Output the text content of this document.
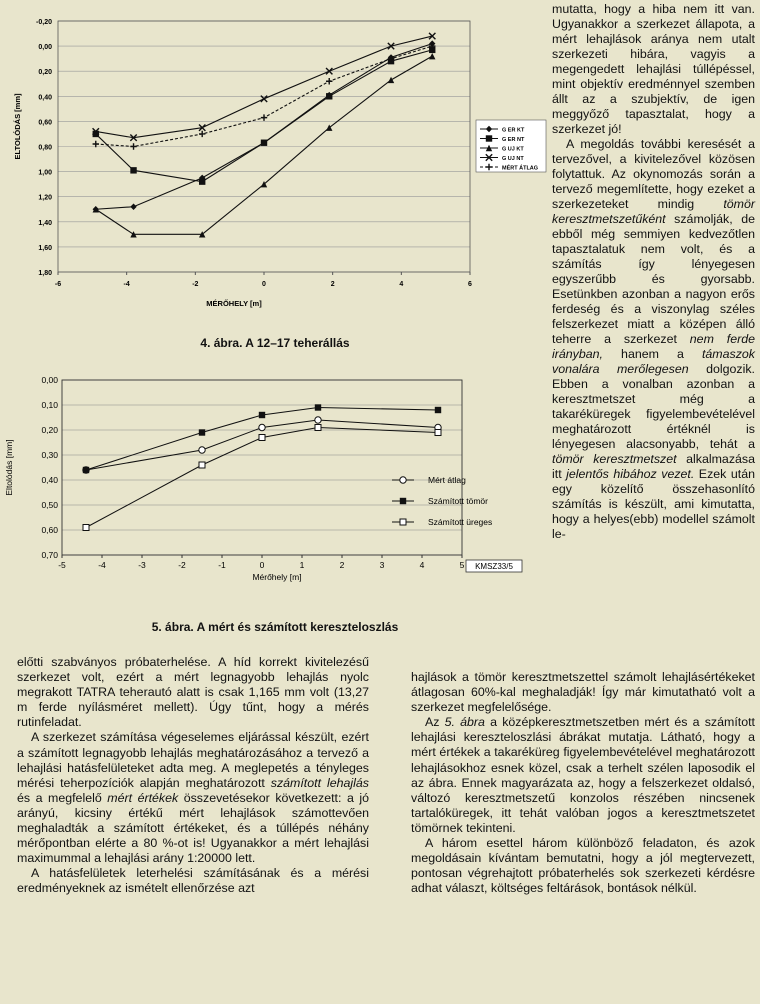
-0,20
0,00
0,20
0,40
0,60
0,80
1,00
1,20
1,40
1,60
1,80
-6	-4	-2	0	2	4	6
MÉRŐHELY [m]
ELTOLÓDÁS [mm]	G ER KT
G ER NT
G UJ KT
G UJ NT
MÉRT ÁTLAG
4. ábra. A 12–17 teherállás
0,00
0,10
0,20
0,30
0,40
0,50
0,60
0,70
-5	-4	-3	-2	-1	0	1	2	3	4	5
Mérőhely [m]
Eltolódás [mm]	Mért átlag
Számított tömör
Számított üreges
KMSZ33/5
5. ábra. A mért és számított kereszteloszlás

mutatta, hogy a hiba nem itt van. Ugyanakkor a szerkezet állapota, a mért lehajlások aránya nem utalt szerkezeti hibára, vagyis a megengedett lehajlási túllépéssel, mint objektív eredménnyel szemben állt az a szubjektív, de igen meggyőző tapasztalat, hogy a szerkezet jó!

A megoldás további keresését a tervezővel, a kivitelezővel közösen folytattuk. Az okynomozás során a tervező megemlítette, hogy ezeket a szerkezeteket mindig tömör keresztmetszetűként számolják, de ebből még semmiyen kedvezőtlen tapasztalatuk nem volt, és a számítás így lényegesen egyszerűbb és gyorsabb. Esetünkben azonban a nagyon erős ferdeség és a viszonylag széles felszerkezet miatt a középen álló teherre a szerkezet nem ferde irányban, hanem a támaszok vonalára merőlegesen dolgozik. Ebben a vonalban azonban a keresztmetszet még a takaréküregek figyelembevételével meghatározott értéknél is lényegesen alacsonyabb, tehát a tömör keresztmetszet alkalmazása itt jelentős hibához vezet. Ezek után egy közelítő összehasonlító számítás is készült, ami kimutatta, hogy a helyes(ebb) modellel számolt le-

előtti szabványos próbaterhelése. A híd korrekt kivitelezésű szerkezet volt, ezért a mért legnagyobb lehajlás nyolc megrakott TATRA teherautó alatt is csak 1,165 mm volt (13,27 m ferde nyílásméret mellett). Úgy tűnt, hogy a mérés rutinfeladat.

A szerkezet számítása végeselemes eljárással készült, ezért a számított legnagyobb lehajlás meghatározásához a tervező a lehajlási hatásfelületeket adta meg. A meglepetés a tényleges mérési teherpozíciók alapján meghatározott számított lehajlás és a megfelelő mért értékek összevetésekor következett: a jó arányú, kicsiny értékű mért lehajlások számottevően meghaladták a számított értékeket, és a túllépés néhány mérőpontban elérte a 80 %-ot is! Ugyanakkor a mért lehajlási maximummal a lehajlási arány 1:20000 lett.

A hatásfelületek leterhelési számításának és a mérési eredményeknek az ismételt ellenőrzése azt

hajlások a tömör keresztmetszettel számolt lehajlásértékeket átlagosan 60%-kal meghaladják! Így már kimutatható volt a szerkezet megfelelősége.

Az 5. ábra a középkeresztmetszetben mért és a számított lehajlási kereszteloszlási ábrákat mutatja. Látható, hogy a mért értékek a takaréküreg figyelembevételével meghatározott lehajlásokhoz esnek közel, csak a terhelt szélen laposodik el az ábra. Ennek magyarázata az, hogy a felszerkezet oldalsó, változó keresztmetszetű konzolos részében nincsenek tartalóküregek, itt tehát valóban jogos a keresztmetszetet tömörnek tekinteni.

A három esettel három különböző feladaton, és azok megoldásain kívántam bemutatni, hogy a jól megtervezett, pontosan végrehajtott próbaterhelés sok szerkezeti kérdésre adhat választ, költséges feltárások, bontások nélkül.
